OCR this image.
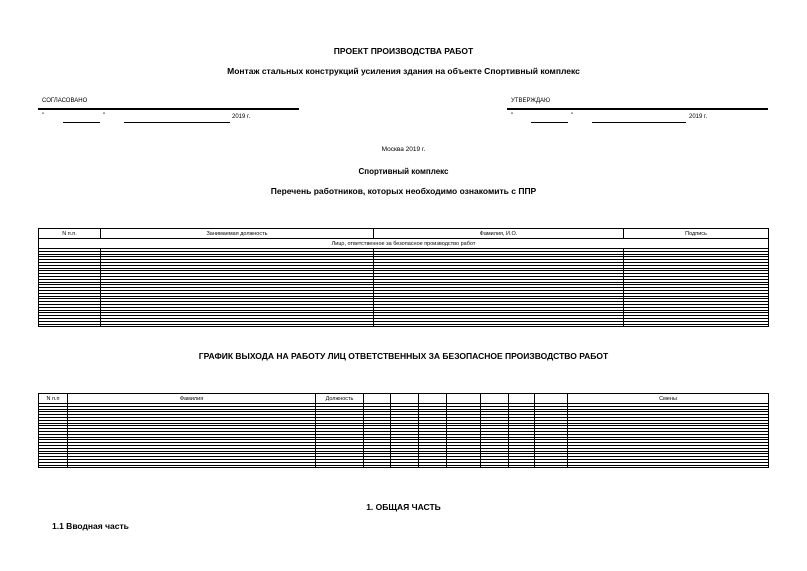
ПРОЕКТ ПРОИЗВОДСТВА РАБОТ
Монтаж стальных конструкций усиления здания на объекте Спортивный комплекс
СОГЛАСОВАНО
"	"	2019 г.
УТВЕРЖДАЮ
"	"	2019 г.
Москва 2019 г.
Спортивный комплекс
Перечень работников, которых необходимо ознакомить с ППР
N п.п.	Занимаемая должность	Фамилия, И.О.	Подпись
Лицо, ответственное за безопасное производство работ			

ГРАФИК ВЫХОДА НА РАБОТУ ЛИЦ ОТВЕТСТВЕННЫХ ЗА БЕЗОПАСНОЕ ПРОИЗВОДСТВО РАБОТ
N п.п	Фамилия	Должность								Смены

1. ОБЩАЯ ЧАСТЬ
1.1 Вводная часть
